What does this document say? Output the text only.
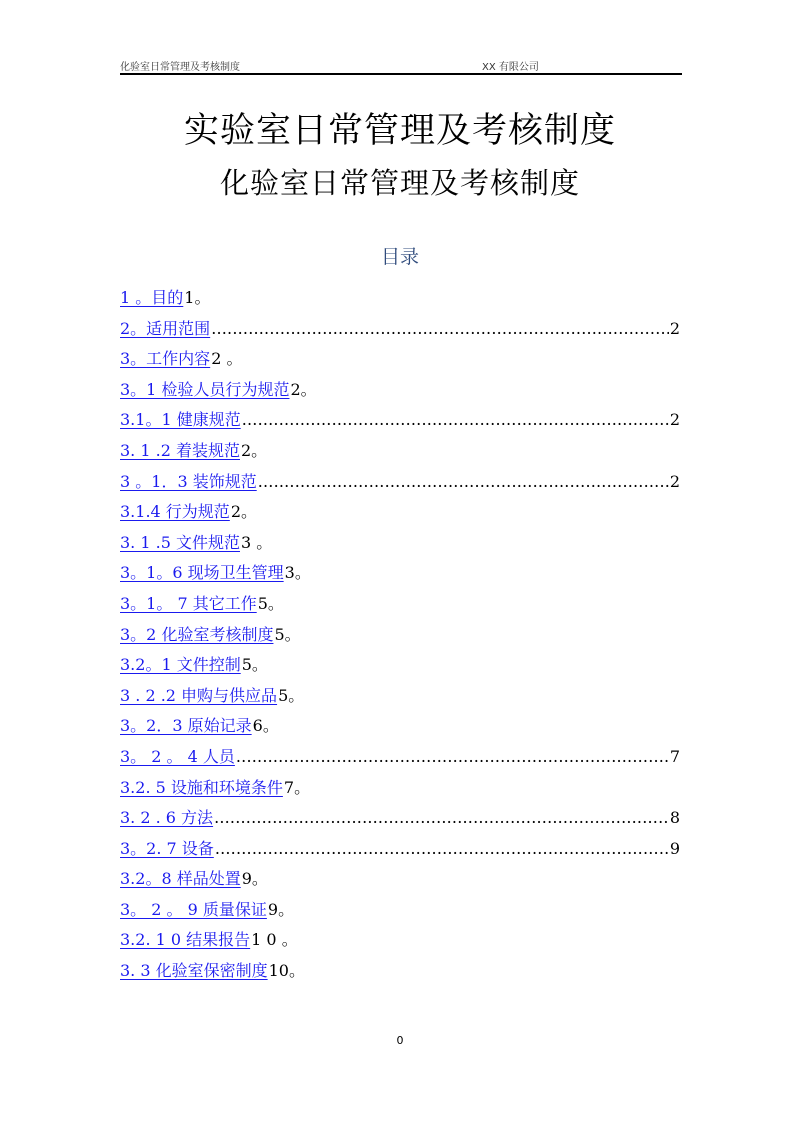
化验室日常管理及考核制度	XX 有限公司
实验室日常管理及考核制度
化验室日常管理及考核制度
目录
1 。目的 1。
2。适用范围 .....	2
3。工作内容 2 。
3。1 检验人员行为规范 2。
3.1。1 健康规范 .....	2
3. 1 .2 着装规范 2。
3 。1．3 装饰规范 .....	2
3.1.4 行为规范 2。
3. 1 .5 文件规范 3 。
3。1。6 现场卫生管理 3。
3。1。 7 其它工作 5。
3。2 化验室考核制度 5。
3.2。1 文件控制 5。
3 . 2 .2 申购与供应品 5。
3。2．3 原始记录 6。
3。 2 。 4 人员 .....	7
3.2. 5 设施和环境条件 7。
3. 2 . 6 方法 .....	8
3。2. 7 设备 .....	9
3.2。8 样品处置 9。
3。 2 。 9 质量保证 9。
3.2. 1 0 结果报告 1 0 。
3. 3 化验室保密制度 10。
0
